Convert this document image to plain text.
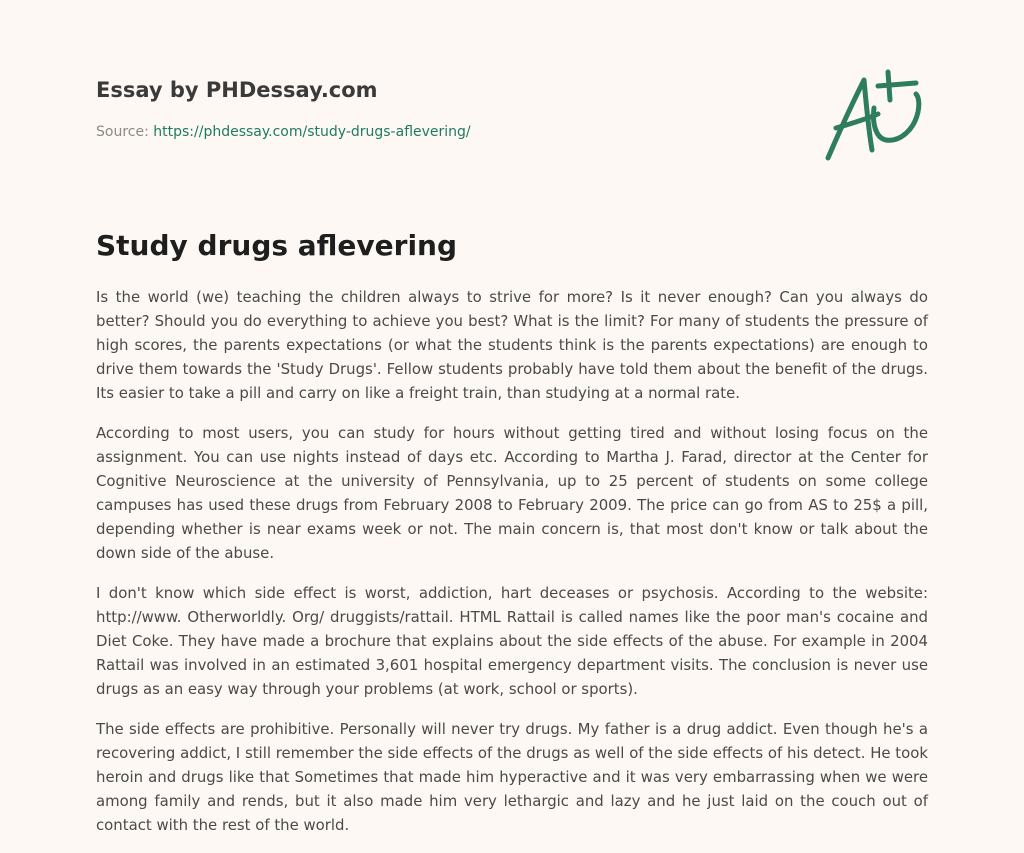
Essay by PHDessay.com
Source: https://phdessay.com/study-drugs-aflevering/
Study drugs aflevering

Is the world (we) teaching the children always to strive for more? Is it never enough? Can you always do better? Should you do everything to achieve you best? What is the limit? For many of students the pressure of high scores, the parents expectations (or what the students think is the parents expectations) are enough to drive them towards the 'Study Drugs'. Fellow students probably have told them about the benefit of the drugs. Its easier to take a pill and carry on like a freight train, than studying at a normal rate.

According to most users, you can study for hours without getting tired and without losing focus on the assignment. You can use nights instead of days etc. According to Martha J. Farad, director at the Center for Cognitive Neuroscience at the university of Pennsylvania, up to 25 percent of students on some college campuses has used these drugs from February 2008 to February 2009. The price can go from AS to 25$ a pill, depending whether is near exams week or not. The main concern is, that most don't know or talk about the down side of the abuse.

I don't know which side effect is worst, addiction, hart deceases or psychosis. According to the website: http://www. Otherworldly. Org/ druggists/rattail. HTML Rattail is called names like the poor man's cocaine and Diet Coke. They have made a brochure that explains about the side effects of the abuse. For example in 2004 Rattail was involved in an estimated 3,601 hospital emergency department visits. The conclusion is never use drugs as an easy way through your problems (at work, school or sports).

The side effects are prohibitive. Personally will never try drugs. My father is a drug addict. Even though he's a recovering addict, I still remember the side effects of the drugs as well of the side effects of his detect. He took heroin and drugs like that Sometimes that made him hyperactive and it was very embarrassing when we were among family and rends, but it also made him very lethargic and lazy and he just laid on the couch out of contact with the rest of the world.
